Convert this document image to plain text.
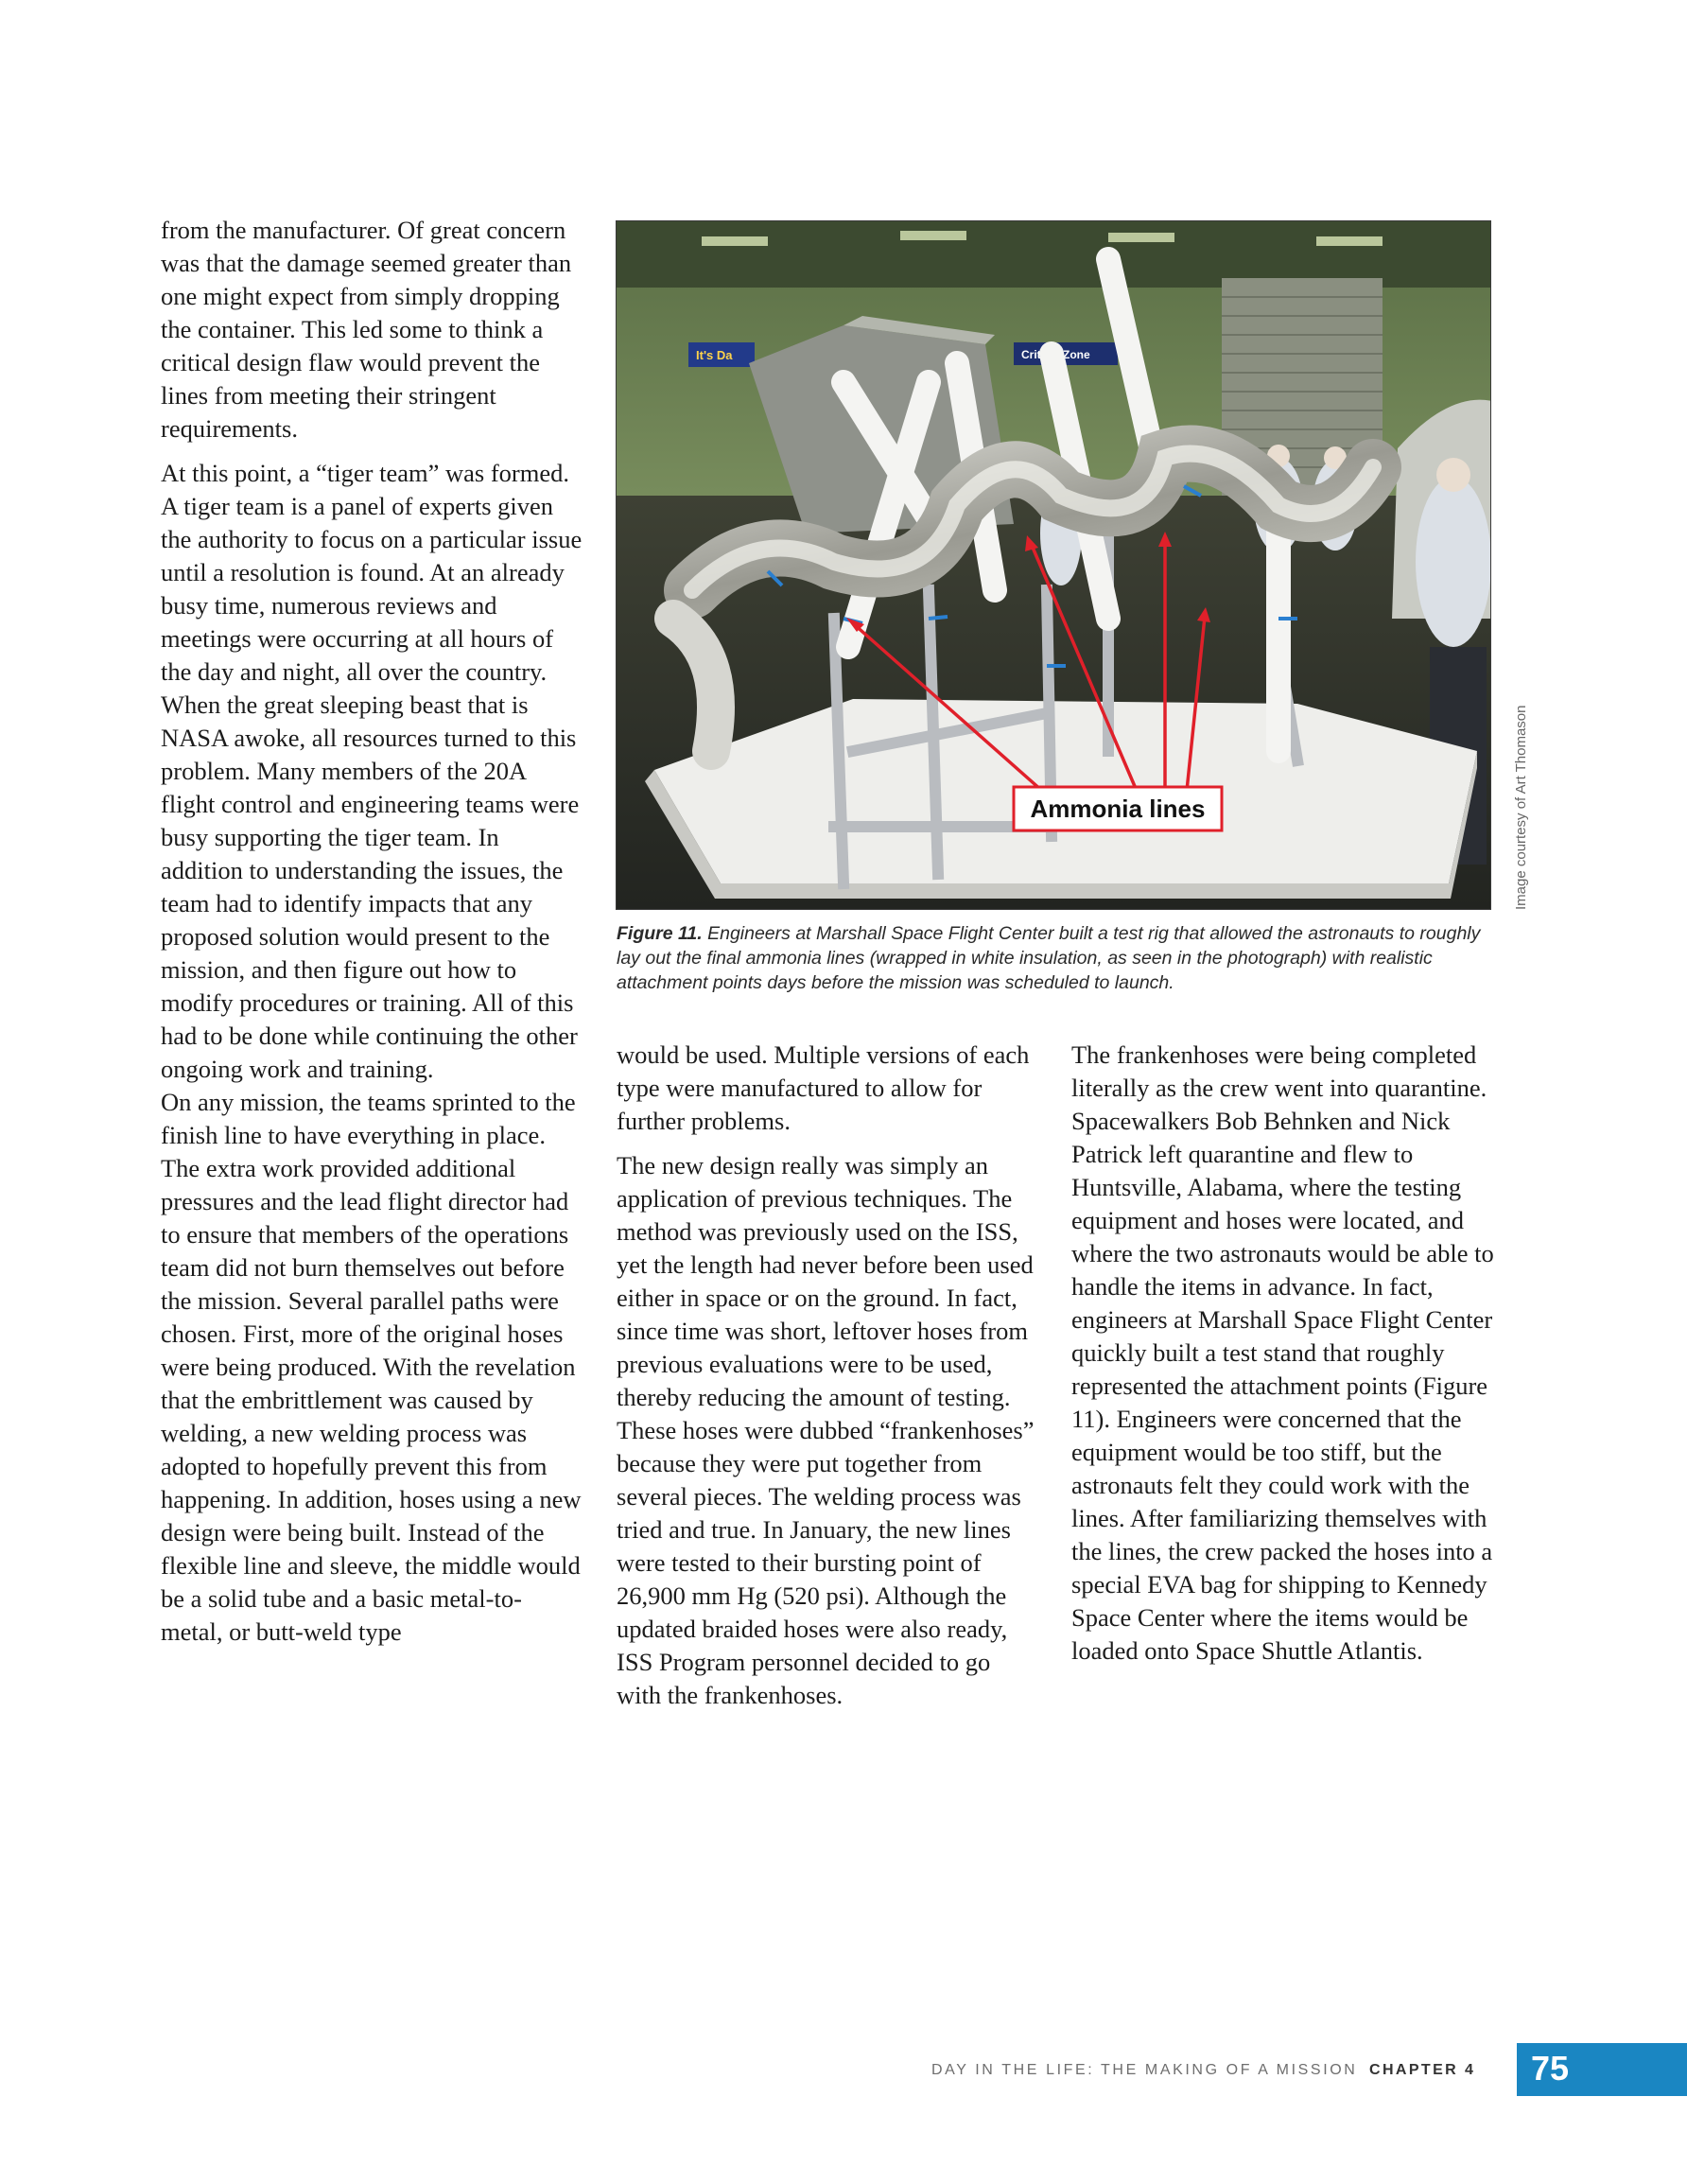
from the manufacturer. Of great concern was that the damage seemed greater than one might expect from simply dropping the container. This led some to think a critical design flaw would prevent the lines from meeting their stringent requirements.

At this point, a “tiger team” was formed. A tiger team is a panel of experts given the authority to focus on a particular issue until a resolution is found. At an already busy time, numerous reviews and meetings were occurring at all hours of the day and night, all over the country. When the great sleeping beast that is NASA awoke, all resources turned to this problem. Many members of the 20A flight control and engineering teams were busy supporting the tiger team. In addition to understanding the issues, the team had to identify impacts that any proposed solution would present to the mission, and then figure out how to modify procedures or training. All of this had to be done while continuing the other ongoing work and training.

On any mission, the teams sprinted to the finish line to have everything in place. The extra work provided additional pressures and the lead flight director had to ensure that members of the operations team did not burn themselves out before the mission. Several parallel paths were chosen. First, more of the original hoses were being produced. With the revelation that the embrittlement was caused by welding, a new welding process was adopted to hopefully prevent this from happening. In addition, hoses using a new design were being built. Instead of the flexible line and sleeve, the middle would be a solid tube and a basic metal-to-metal, or butt-weld type

It's Da	Critical Zone
Ammonia lines	Image courtesy of Art Thomason
Figure 11. Engineers at Marshall Space Flight Center built a test rig that allowed the astronauts to roughly lay out the final ammonia lines (wrapped in white insulation, as seen in the photograph) with realistic attachment points days before the mission was scheduled to launch.

would be used. Multiple versions of each type were manufactured to allow for further problems.

The new design really was simply an application of previous techniques. The method was previously used on the ISS, yet the length had never before been used either in space or on the ground. In fact, since time was short, leftover hoses from previous evaluations were to be used, thereby reducing the amount of testing. These hoses were dubbed “frankenhoses” because they were put together from several pieces. The welding process was tried and true. In January, the new lines were tested to their bursting point of 26,900 mm Hg (520 psi). Although the updated braided hoses were also ready, ISS Program personnel decided to go with the frankenhoses.

The frankenhoses were being completed literally as the crew went into quarantine. Spacewalkers Bob Behnken and Nick Patrick left quarantine and flew to Huntsville, Alabama, where the testing equipment and hoses were located, and where the two astronauts would be able to handle the items in advance. In fact, engineers at Marshall Space Flight Center quickly built a test stand that roughly represented the attachment points (Figure 11). Engineers were concerned that the equipment would be too stiff, but the astronauts felt they could work with the lines. After familiarizing themselves with the lines, the crew packed the hoses into a special EVA bag for shipping to Kennedy Space Center where the items would be loaded onto Space Shuttle Atlantis.

DAY IN THE LIFE: THE MAKING OF A MISSION CHAPTER 4	75
